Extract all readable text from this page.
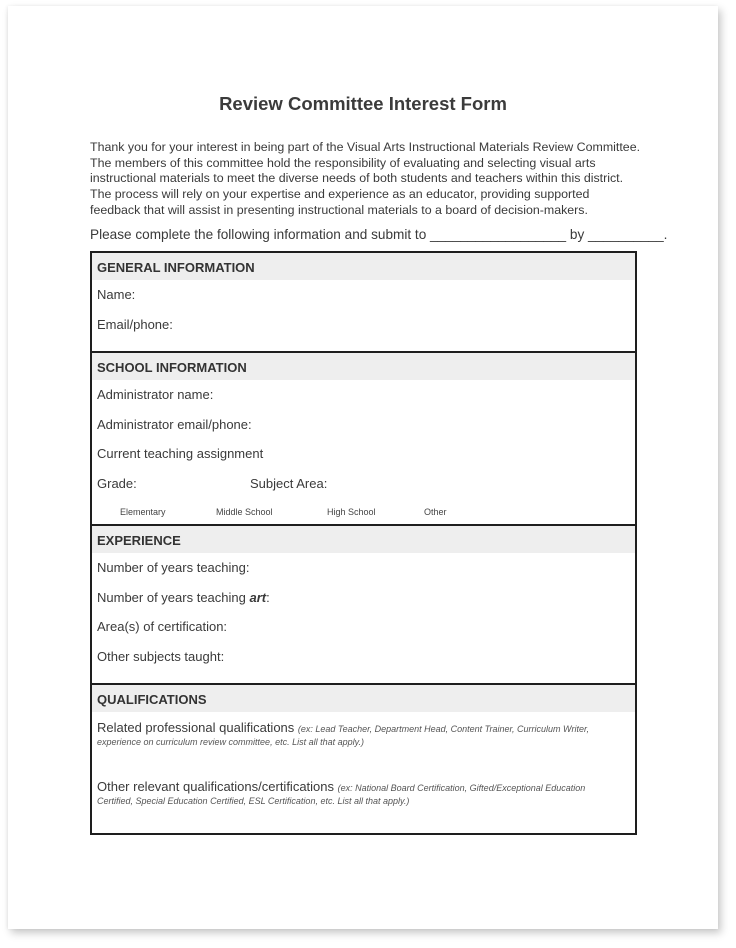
Review Committee Interest Form

Thank you for your interest in being part of the Visual Arts Instructional Materials Review Committee. The members of this committee hold the responsibility of evaluating and selecting visual arts instructional materials to meet the diverse needs of both students and teachers within this district. The process will rely on your expertise and experience as an educator, providing supported feedback that will assist in presenting instructional materials to a board of decision-makers.

Please complete the following information and submit to __________________ by __________.

GENERAL INFORMATION
Name:
Email/phone:
SCHOOL INFORMATION
Administrator name:
Administrator email/phone:
Current teaching assignment
Grade:	Subject Area:
Elementary	Middle School	High School	Other
EXPERIENCE
Number of years teaching:
Number of years teaching art:
Area(s) of certification:
Other subjects taught:
QUALIFICATIONS
Related professional qualifications (ex: Lead Teacher, Department Head, Content Trainer, Curriculum Writer,
experience on curriculum review committee, etc. List all that apply.)
Other relevant qualifications/certifications (ex: National Board Certification, Gifted/Exceptional Education
Certified, Special Education Certified, ESL Certification, etc. List all that apply.)
